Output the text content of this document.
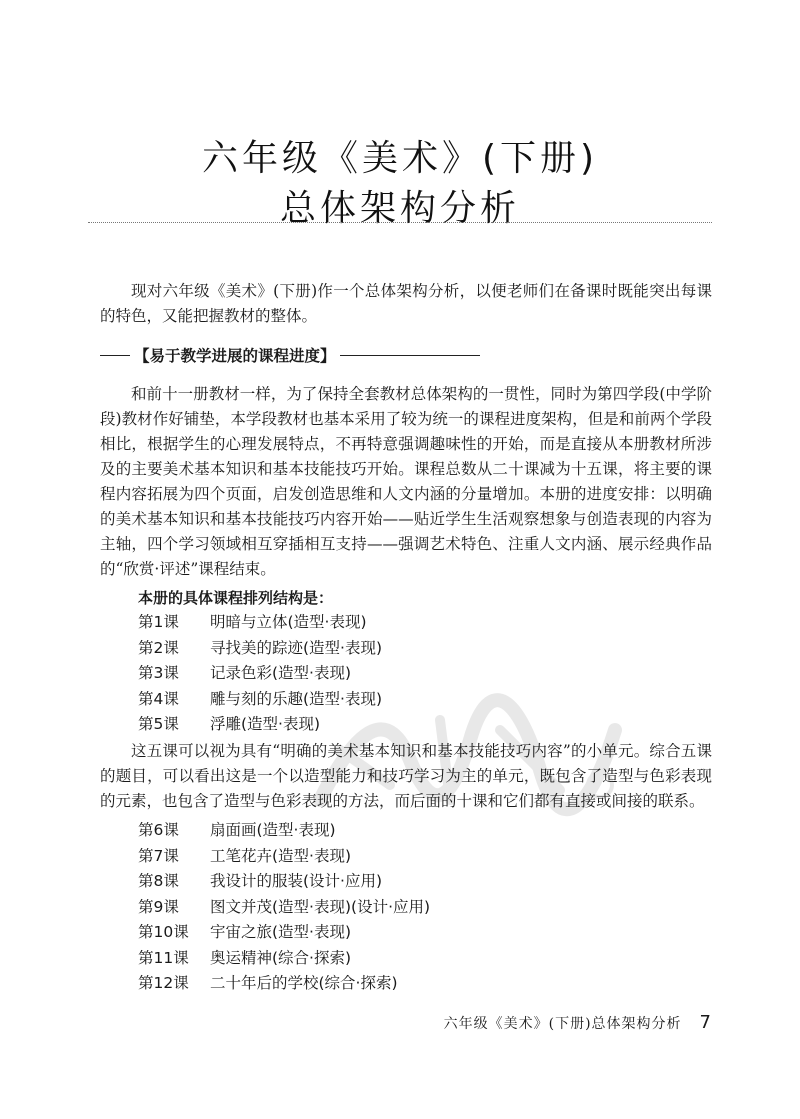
六年级《美术》(下册)
总体架构分析

现对六年级《美术》(下册)作一个总体架构分析，以便老师们在备课时既能突出每课的特色，又能把握教材的整体。

【易于教学进展的课程进度】

和前十一册教材一样，为了保持全套教材总体架构的一贯性，同时为第四学段(中学阶段)教材作好铺垫，本学段教材也基本采用了较为统一的课程进度架构，但是和前两个学段相比，根据学生的心理发展特点，不再特意强调趣味性的开始，而是直接从本册教材所涉及的主要美术基本知识和基本技能技巧开始。课程总数从二十课减为十五课，将主要的课程内容拓展为四个页面，启发创造思维和人文内涵的分量增加。本册的进度安排：以明确的美术基本知识和基本技能技巧内容开始——贴近学生生活观察想象与创造表现的内容为主轴，四个学习领域相互穿插相互支持——强调艺术特色、注重人文内涵、展示经典作品的“欣赏·评述”课程结束。

本册的具体课程排列结构是：
第1课 明暗与立体(造型·表现)
第2课 寻找美的踪迹(造型·表现)
第3课 记录色彩(造型·表现)
第4课 雕与刻的乐趣(造型·表现)
第5课 浮雕(造型·表现)

这五课可以视为具有“明确的美术基本知识和基本技能技巧内容”的小单元。综合五课的题目，可以看出这是一个以造型能力和技巧学习为主的单元，既包含了造型与色彩表现的元素，也包含了造型与色彩表现的方法，而后面的十课和它们都有直接或间接的联系。

第6课 扇面画(造型·表现)
第7课 工笔花卉(造型·表现)
第8课 我设计的服装(设计·应用)
第9课 图文并茂(造型·表现)(设计·应用)
第10课 宇宙之旅(造型·表现)
第11课 奥运精神(综合·探索)
第12课 二十年后的学校(综合·探索)
六年级《美术》(下册)总体架构分析 7
